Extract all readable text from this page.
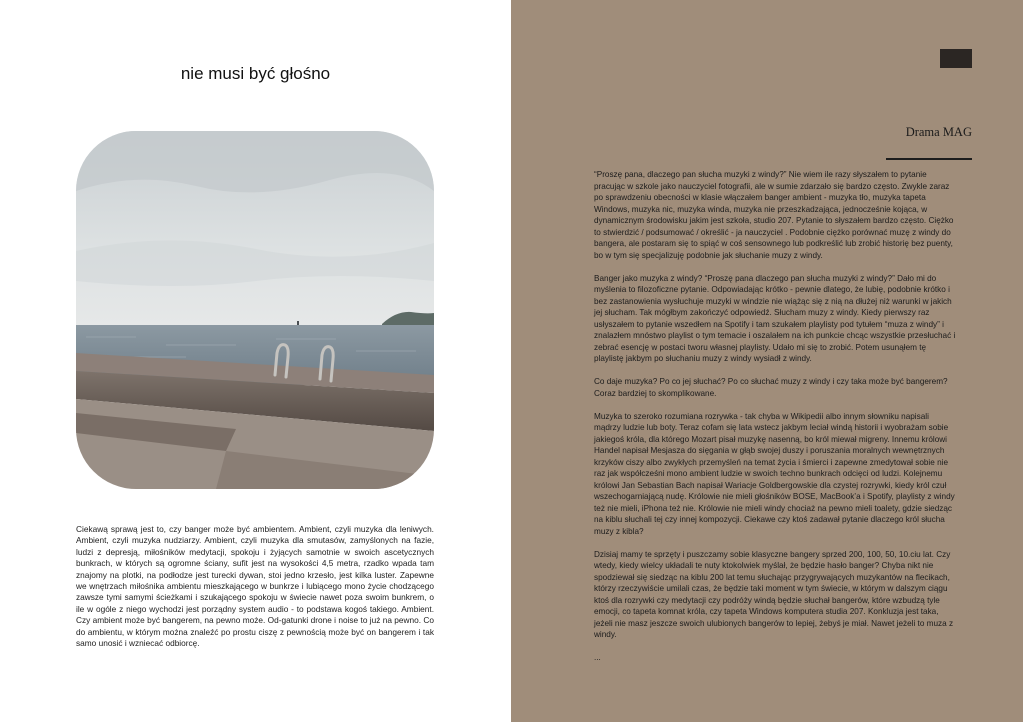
nie musi być głośno

Ciekawą sprawą jest to, czy banger może być ambientem. Ambient, czyli muzyka dla leniwych. Ambient, czyli muzyka nudziarzy. Ambient, czyli muzyka dla smutasów, zamyślonych na fazie, ludzi z depresją, miłośników medytacji, spokoju i żyjących samotnie w swoich ascetycznych bunkrach, w których są ogromne ściany, sufit jest na wysokości 4,5 metra, rzadko wpada tam znajomy na plotki, na podłodze jest turecki dywan, stoi jedno krzesło, jest kilka luster. Zapewne we wnętrzach miłośnika ambientu mieszkającego w bunkrze i lubiącego mono życie chodzącego zawsze tymi samymi ścieżkami i szukającego spokoju w świecie nawet poza swoim bunkrem, o ile w ogóle z niego wychodzi jest porządny system audio - to podstawa kogoś takiego. Ambient. Czy ambient może być bangerem, na pewno może. Od-gatunki drone i noise to już na pewno. Co do ambientu, w którym można znaleźć po prostu ciszę z pewnością może być on bangerem i tak samo unosić i wzniecać odbiorcę.

Drama MAG

“Proszę pana, dlaczego pan słucha muzyki z windy?” Nie wiem ile razy słyszałem to pytanie pracując w szkole jako nauczyciel fotografii, ale w sumie zdarzało się bardzo często. Zwykle zaraz po sprawdzeniu obecności w klasie włączałem banger ambient - muzyka tło, muzyka tapeta Windows, muzyka nic, muzyka winda, muzyka nie przeszkadzająca, jednocześnie kojąca, w dynamicznym środowisku jakim jest szkoła, studio 207. Pytanie to słyszałem bardzo często. Ciężko to stwierdzić / podsumować / określić - ja nauczyciel . Podobnie ciężko porównać muzę z windy do bangera, ale postaram się to spiąć w coś sensownego lub podkreślić lub zrobić historię bez puenty, bo w tym się specjalizuję podobnie jak słuchanie muzy z windy.

Banger jako muzyka z windy? “Proszę pana dlaczego pan słucha muzyki z windy?” Dało mi do myślenia to filozoficzne pytanie. Odpowiadając krótko - pewnie dlatego, że lubię, podobnie krótko i bez zastanowienia wysłuchuje muzyki w windzie nie wiążąc się z nią na dłużej niż warunki w jakich jej słucham. Tak mógłbym zakończyć odpowiedź. Słucham muzy z windy. Kiedy pierwszy raz usłyszałem to pytanie wszedłem na Spotify i tam szukałem playlisty pod tytułem “muza z windy” i znalazłem mnóstwo playlist o tym temacie i oszalałem na ich punkcie chcąc wszystkie przesłuchać i zebrać esencję w postaci tworu własnej playlisty. Udało mi się to zrobić. Potem usunąłem tę playlistę jakbym po słuchaniu muzy z windy wysiadł z windy.

Co daje muzyka? Po co jej słuchać? Po co słuchać muzy z windy i czy taka może być bangerem? Coraz bardziej to skomplikowane.

Muzyka to szeroko rozumiana rozrywka - tak chyba w Wikipedii albo innym słowniku napisali mądrzy ludzie lub boty. Teraz cofam się lata wstecz jakbym leciał windą historii i wyobrażam sobie jakiegoś króla, dla którego Mozart pisał muzykę nasenną, bo król miewał migreny. Innemu królowi Handel napisał Mesjasza do sięgania w głąb swojej duszy i poruszania moralnych wewnętrznych krzyków ciszy albo zwykłych przemyśleń na temat życia i śmierci i zapewne zmedytował sobie nie raz jak współcześni mono ambient ludzie w swoich techno bunkrach odcięci od ludzi. Kolejnemu królowi Jan Sebastian Bach napisał Wariacje Goldbergowskie dla czystej rozrywki, kiedy król czuł wszechogarniającą nudę. Królowie nie mieli głośników BOSE, MacBook’a i Spotify, playlisty z windy też nie mieli, iPhona też nie. Królowie nie mieli windy chociaż na pewno mieli toalety, gdzie siedząc na kiblu słuchali tej czy innej kompozycji. Ciekawe czy ktoś zadawał pytanie dlaczego król słucha muzy z kibla?

Dzisiaj mamy te sprzęty i puszczamy sobie klasyczne bangery sprzed 200, 100, 50, 10.ciu lat. Czy wtedy, kiedy wielcy układali te nuty ktokolwiek myślał, że będzie hasło banger? Chyba nikt nie spodziewał się siedząc na kiblu 200 lat temu słuchając przygrywających muzykantów na flecikach, którzy rzeczywiście umilali czas, że będzie taki moment w tym świecie, w którym w dalszym ciągu ktoś dla rozrywki czy medytacji czy podróży windą będzie słuchał bangerów, które wzbudzą tyle emocji, co tapeta komnat króla, czy tapeta Windows komputera studia 207. Konkluzja jest taka, jeżeli nie masz jeszcze swoich ulubionych bangerów to lepiej, żebyś je miał. Nawet jeżeli to muza z windy.

...
